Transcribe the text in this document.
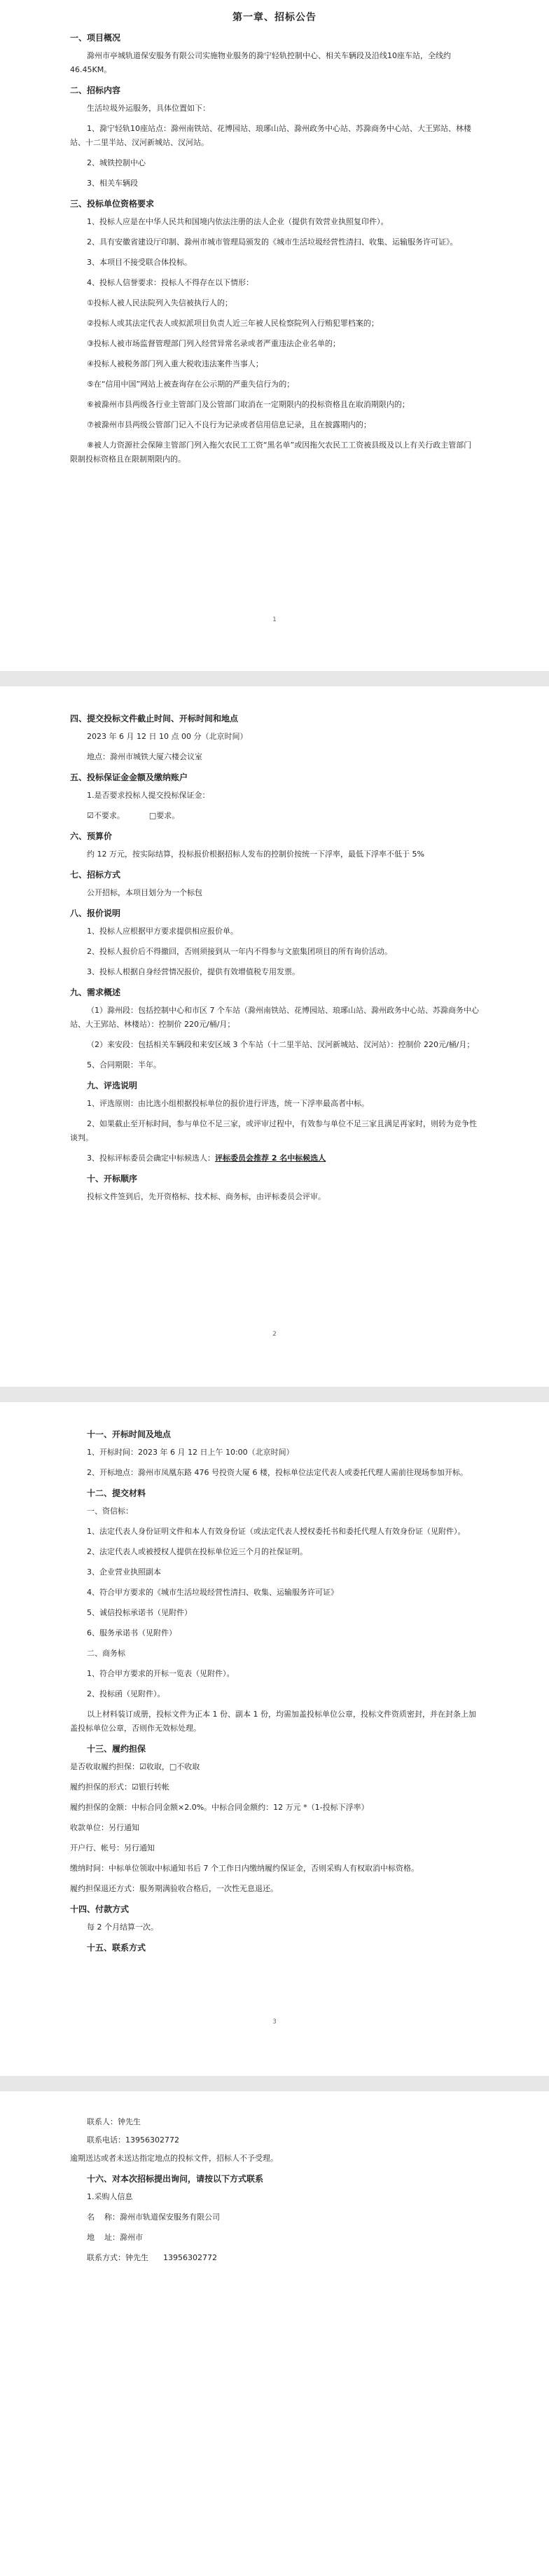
第一章、招标公告
一、项目概况
滁州市亭城轨道保安服务有限公司实施物业服务的滁宁轻轨控制中心、相关车辆段及沿线10座车站，全线约46.45KM。
二、招标内容
生活垃圾外运服务，具体位置如下：
1、滁宁轻轨10座站点：滁州南铁站、花博园站、琅琊山站、滁州政务中心站、苏滁商务中心站、大王郢站、林楼站、十二里半站、汊河新城站、汊河站。
2、城铁控制中心
3、相关车辆段
三、投标单位资格要求
1、投标人应是在中华人民共和国境内依法注册的法人企业（提供有效营业执照复印件）。
2、具有安徽省建设厅印制、滁州市城市管理局颁发的《城市生活垃圾经营性清扫、收集、运输服务许可证》。
3、本项目不接受联合体投标。
4、投标人信誉要求：投标人不得存在以下情形：
①投标人被人民法院列入失信被执行人的；
②投标人或其法定代表人或拟派项目负责人近三年被人民检察院列入行贿犯罪档案的；
③投标人被市场监督管理部门列入经营异常名录或者严重违法企业名单的；
④投标人被税务部门列入重大税收违法案件当事人；
⑤在“信用中国”网站上被查询存在公示期的严重失信行为的；
⑥被滁州市县两级各行业主管部门及公管部门取消在一定期限内的投标资格且在取消期限内的；
⑦被滁州市县两级公管部门记入不良行为记录或者信用信息记录，且在披露期内的；
⑧被人力资源社会保障主管部门列入拖欠农民工工资“黑名单”或因拖欠农民工工资被县级及以上有关行政主管部门限制投标资格且在限制期限内的。
1
四、提交投标文件截止时间、开标时间和地点
2023 年 6 月 12 日 10 点 00 分（北京时间）
地点：滁州市城铁大厦六楼会议室
五、投标保证金金额及缴纳账户
1.是否要求投标人提交投标保证金：
☑不要求。	□要求。
六、预算价
约 12 万元，按实际结算，投标报价根据招标人发布的控制价按统一下浮率，最低下浮率不低于 5%
七、招标方式
公开招标，本项目划分为一个标包
八、报价说明
1、投标人应根据甲方要求提供相应报价单。
2、投标人报价后不得撤回，否则须接到从一年内不得参与文旅集团项目的所有询价活动。
3、投标人根据自身经营情况报价，提供有效增值税专用发票。
九、需求概述
（1）滁州段：包括控制中心和市区 7 个车站（滁州南铁站、花博园站、琅琊山站、滁州政务中心站、苏滁商务中心站、大王郢站、林楼站）：控制价 220元/桶/月；
（2）来安段：包括相关车辆段和来安区域 3 个车站（十二里半站、汊河新城站、汊河站）：控制价 220元/桶/月；
5、合同期限：半年。
九、评选说明
1、评选原则：由比选小组根据投标单位的报价进行评选，统一下浮率最高者中标。
2、如果截止至开标时间，参与单位不足三家，或评审过程中，有效参与单位不足三家且满足再家时，则转为竞争性谈判。
3、投标评标委员会确定中标候选人：评标委员会推荐 2 名中标候选人
十、开标顺序
投标文件签到后，先开资格标、技术标、商务标，由评标委员会评审。
2
十一、开标时间及地点
1、开标时间：2023 年 6 月 12 日上午 10:00（北京时间）
2、开标地点：滁州市凤凰东路 476 号投资大厦 6 楼，投标单位法定代表人或委托代理人需前往现场参加开标。
十二、提交材料
一、资信标：
1、法定代表人身份证明文件和本人有效身份证（或法定代表人授权委托书和委托代理人有效身份证（见附件）。
2、法定代表人或被授权人提供在投标单位近三个月的社保证明。
3、企业营业执照副本
4、符合甲方要求的《城市生活垃圾经营性清扫、收集、运输服务许可证》
5、诚信投标承诺书（见附件）
6、服务承诺书（见附件）
二、商务标
1、符合甲方要求的开标一览表（见附件）。
2、投标函（见附件）。
以上材料装订成册，投标文件为正本 1 份、副本 1 份，均需加盖投标单位公章，投标文件资质密封，并在封条上加盖投标单位公章，否则作无效标处理。
十三、履约担保
是否收取履约担保：☑收取，□不收取
履约担保的形式：☑银行转帐
履约担保的金额：中标合同金额×2.0%。中标合同金额约：12 万元 *（1-投标下浮率）
收款单位：另行通知
开户行、帐号：另行通知
缴纳时间：中标单位领取中标通知书后 7 个工作日内缴纳履约保证金，否则采购人有权取消中标资格。
履约担保退还方式：服务期满验收合格后，一次性无息退还。
十四、付款方式
每 2 个月结算一次。
十五、联系方式
3
联系人：钟先生
联系电话：13956302772
逾期送达或者未送达指定地点的投标文件，招标人不予受理。
十六、对本次招标提出询问，请按以下方式联系
1.采购人信息
名    称：滁州市轨道保安服务有限公司
地    址：滁州市
联系方式：钟先生      13956302772
